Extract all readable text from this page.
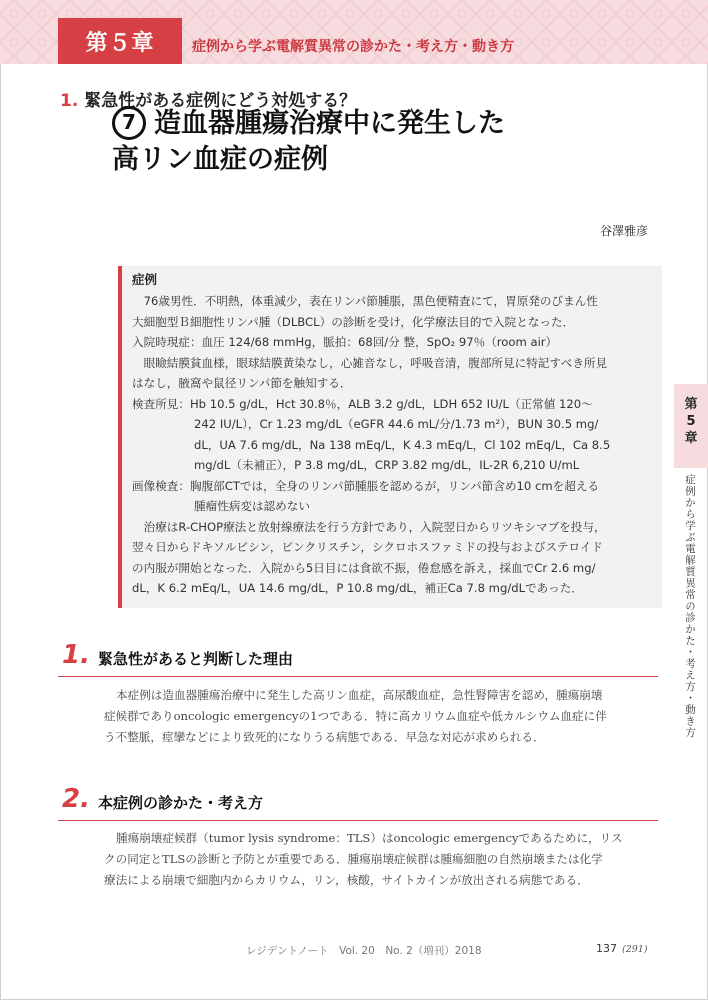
第５章	症例から学ぶ電解質異常の診かた・考え方・動き方
1. 緊急性がある症例にどう対処する？
7 造血器腫瘍治療中に発生した
高リン血症の症例
谷澤雅彦
症例
　76歳男性．不明熱，体重減少，表在リンパ節腫脹，黒色便精査にて，胃原発のびまん性
大細胞型Ｂ細胞性リンパ腫（DLBCL）の診断を受け，化学療法目的で入院となった．
入院時現症：血圧 124/68 mmHg，脈拍：68回/分 整，SpO₂ 97％（room air）
　眼瞼結膜貧血様，眼球結膜黄染なし，心雑音なし，呼吸音清，腹部所見に特記すべき所見
はなし，腋窩や鼠径リンパ節を触知する．
検査所見：Hb 10.5 g/dL，Hct 30.8％，ALB 3.2 g/dL，LDH 652 IU/L（正常値 120～
242 IU/L），Cr 1.23 mg/dL（eGFR 44.6 mL/分/1.73 m²），BUN 30.5 mg/
dL，UA 7.6 mg/dL，Na 138 mEq/L，K 4.3 mEq/L，Cl 102 mEq/L，Ca 8.5
mg/dL（未補正），P 3.8 mg/dL，CRP 3.82 mg/dL，IL-2R 6,210 U/mL
画像検査：胸腹部CTでは，全身のリンパ節腫脹を認めるが，リンパ節含め10 cmを超える
腫瘤性病変は認めない
　治療はR-CHOP療法と放射線療法を行う方針であり，入院翌日からリツキシマブを投与，
翌々日からドキソルビシン，ビンクリスチン，シクロホスファミドの投与およびステロイド
の内服が開始となった．入院から5日目には食欲不振，倦怠感を訴え，採血でCr 2.6 mg/
dL，K 6.2 mEq/L，UA 14.6 mg/dL，P 10.8 mg/dL，補正Ca 7.8 mg/dLであった．
1. 緊急性があると判断した理由
本症例は造血器腫瘍治療中に発生した高リン血症，高尿酸血症，急性腎障害を認め，腫瘍崩壊
症候群でありoncologic emergencyの1つである．特に高カリウム血症や低カルシウム血症に伴
う不整脈，痙攣などにより致死的になりうる病態である．早急な対応が求められる．
2. 本症例の診かた・考え方
腫瘍崩壊症候群（tumor lysis syndrome：TLS）はoncologic emergencyであるために，リス
クの同定とTLSの診断と予防とが重要である．腫瘍崩壊症候群は腫瘍細胞の自然崩壊または化学
療法による崩壊で細胞内からカリウム，リン，核酸，サイトカインが放出される病態である．
第
5
章
症例から学ぶ電解質異常の診かた・考え方・動き方
レジデントノート　Vol. 20　No. 2（増刊）2018	137 (291)
